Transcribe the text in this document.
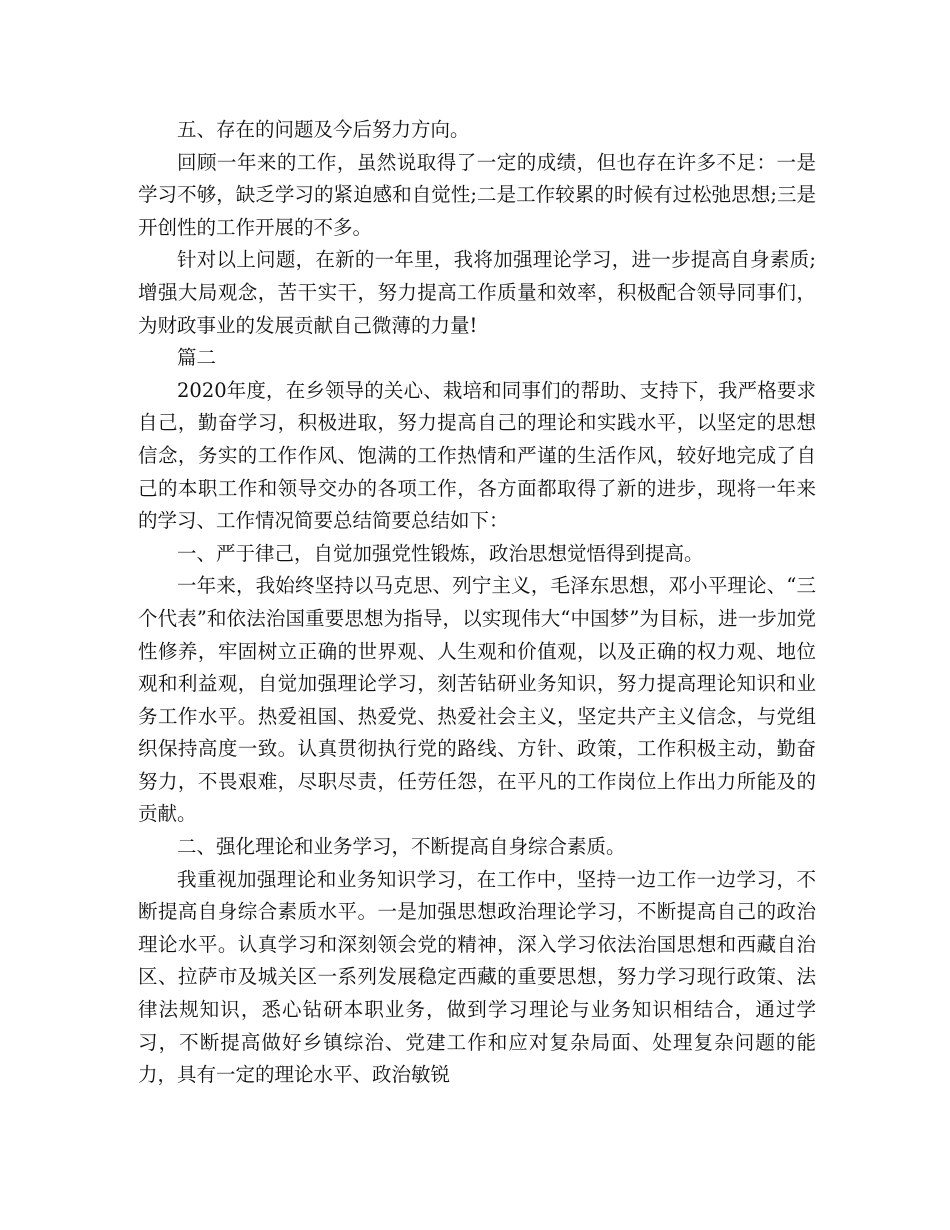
五、存在的问题及今后努力方向。

回顾一年来的工作，虽然说取得了一定的成绩，但也存在许多不足：一是学习不够，缺乏学习的紧迫感和自觉性;二是工作较累的时候有过松弛思想;三是开创性的工作开展的不多。

针对以上问题，在新的一年里，我将加强理论学习，进一步提高自身素质;增强大局观念，苦干实干，努力提高工作质量和效率，积极配合领导同事们，为财政事业的发展贡献自己微薄的力量!

篇二

2020年度，在乡领导的关心、栽培和同事们的帮助、支持下，我严格要求自己，勤奋学习，积极进取，努力提高自己的理论和实践水平，以坚定的思想信念，务实的工作作风、饱满的工作热情和严谨的生活作风，较好地完成了自己的本职工作和领导交办的各项工作，各方面都取得了新的进步，现将一年来的学习、工作情况简要总结简要总结如下：

一、严于律己，自觉加强党性锻炼，政治思想觉悟得到提高。

一年来，我始终坚持以马克思、列宁主义，毛泽东思想，邓小平理论、“三个代表”和依法治国重要思想为指导，以实现伟大“中国梦”为目标，进一步加党性修养，牢固树立正确的世界观、人生观和价值观，以及正确的权力观、地位观和利益观，自觉加强理论学习，刻苦钻研业务知识，努力提高理论知识和业务工作水平。热爱祖国、热爱党、热爱社会主义，坚定共产主义信念，与党组织保持高度一致。认真贯彻执行党的路线、方针、政策，工作积极主动，勤奋努力，不畏艰难，尽职尽责，任劳任怨，在平凡的工作岗位上作出力所能及的贡献。

二、强化理论和业务学习，不断提高自身综合素质。

我重视加强理论和业务知识学习，在工作中，坚持一边工作一边学习，不断提高自身综合素质水平。一是加强思想政治理论学习，不断提高自己的政治理论水平。认真学习和深刻领会党的精神，深入学习依法治国思想和西藏自治区、拉萨市及城关区一系列发展稳定西藏的重要思想，努力学习现行政策、法律法规知识，悉心钻研本职业务，做到学习理论与业务知识相结合，通过学习，不断提高做好乡镇综治、党建工作和应对复杂局面、处理复杂问题的能力，具有一定的理论水平、政治敏锐
